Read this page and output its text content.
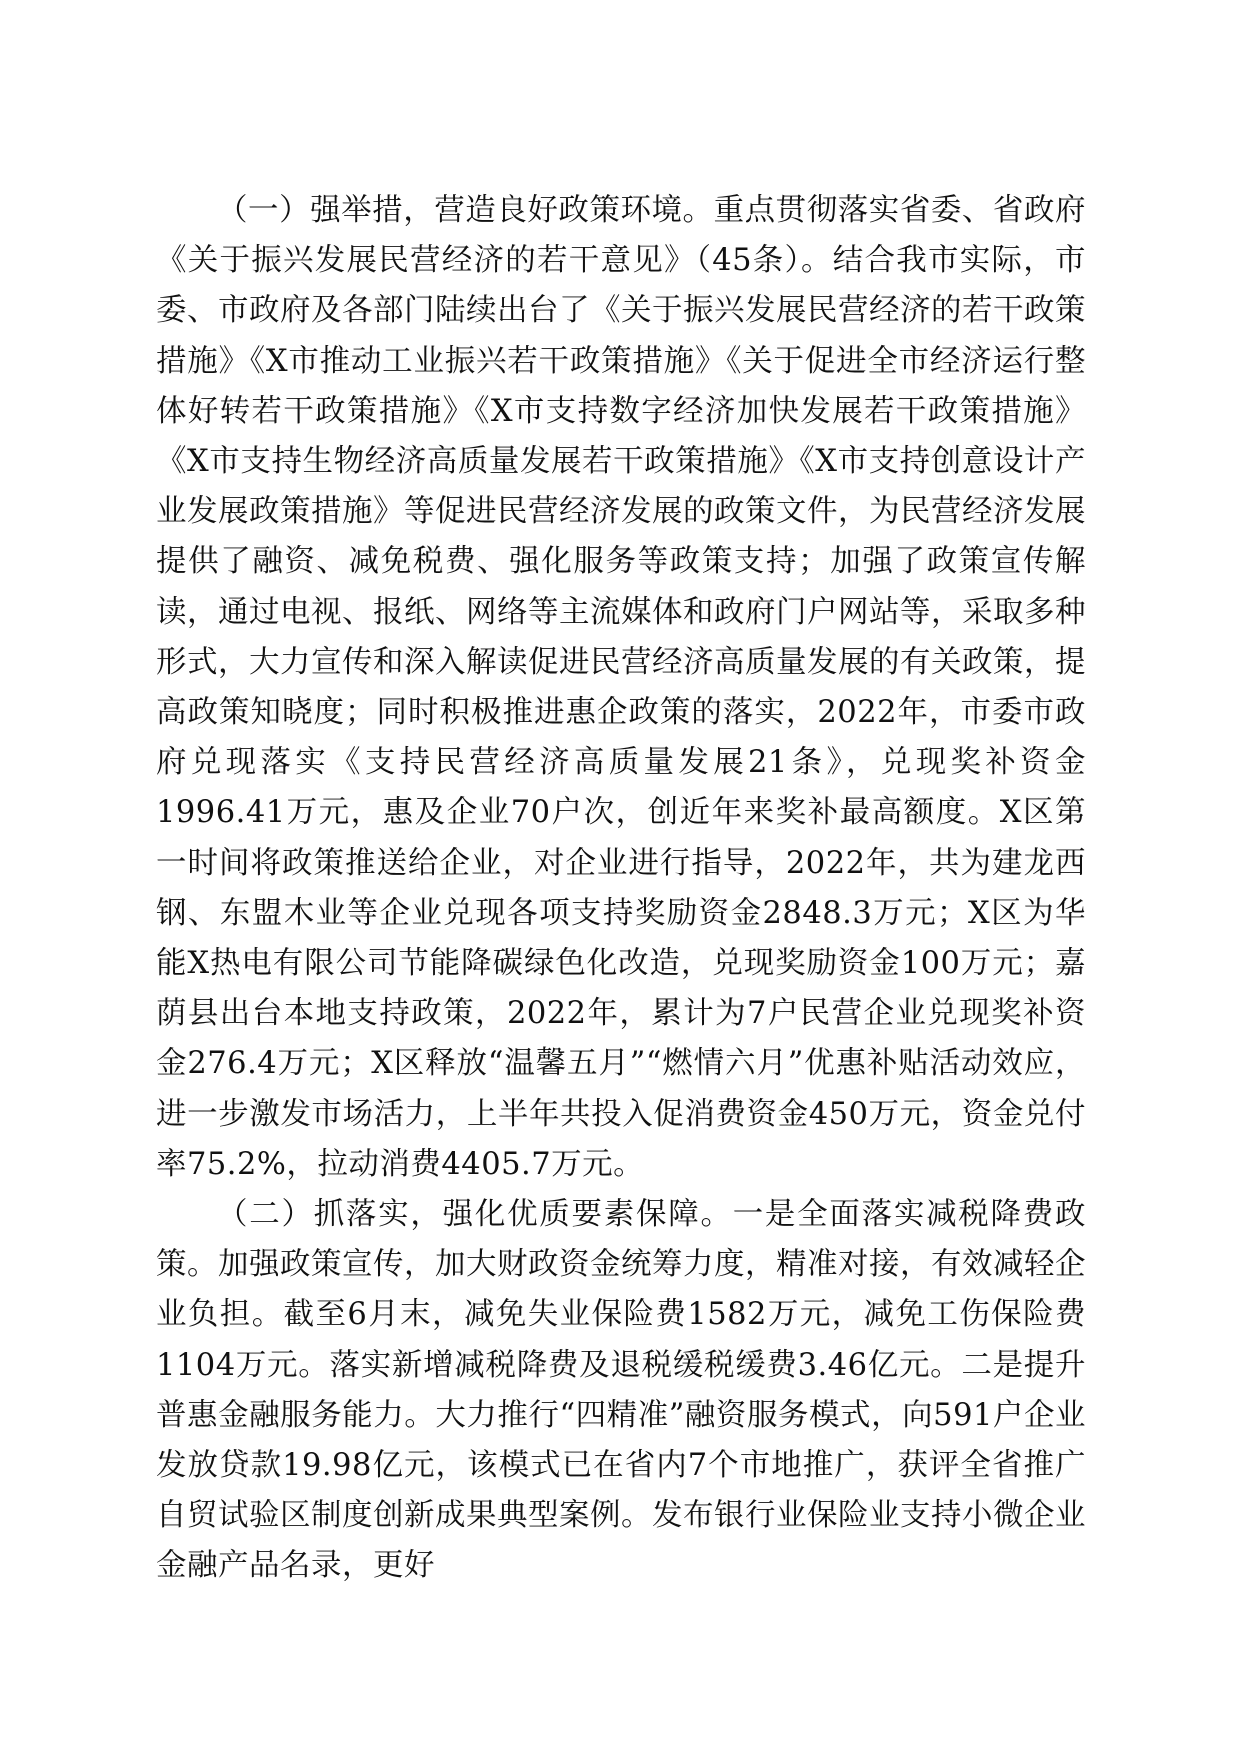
（一）强举措，营造良好政策环境。重点贯彻落实省委、省政府《关于振兴发展民营经济的若干意见》（45条）。结合我市实际，市委、市政府及各部门陆续出台了《关于振兴发展民营经济的若干政策措施》《X市推动工业振兴若干政策措施》《关于促进全市经济运行整体好转若干政策措施》《X市支持数字经济加快发展若干政策措施》《X市支持生物经济高质量发展若干政策措施》《X市支持创意设计产业发展政策措施》等促进民营经济发展的政策文件，为民营经济发展提供了融资、减免税费、强化服务等政策支持；加强了政策宣传解读，通过电视、报纸、网络等主流媒体和政府门户网站等，采取多种形式，大力宣传和深入解读促进民营经济高质量发展的有关政策，提高政策知晓度；同时积极推进惠企政策的落实，2022年，市委市政府兑现落实《支持民营经济高质量发展21条》，兑现奖补资金1996.41万元，惠及企业70户次，创近年来奖补最高额度。X区第一时间将政策推送给企业，对企业进行指导，2022年，共为建龙西钢、东盟木业等企业兑现各项支持奖励资金2848.3万元；X区为华能X热电有限公司节能降碳绿色化改造，兑现奖励资金100万元；嘉荫县出台本地支持政策，2022年，累计为7户民营企业兑现奖补资金276.4万元；X区释放“温馨五月”“燃情六月”优惠补贴活动效应，进一步激发市场活力，上半年共投入促消费资金450万元，资金兑付率75.2%，拉动消费4405.7万元。

（二）抓落实，强化优质要素保障。一是全面落实减税降费政策。加强政策宣传，加大财政资金统筹力度，精准对接，有效减轻企业负担。截至6月末，减免失业保险费1582万元，减免工伤保险费1104万元。落实新增减税降费及退税缓税缓费3.46亿元。二是提升普惠金融服务能力。大力推行“四精准”融资服务模式，向591户企业发放贷款19.98亿元，该模式已在省内7个市地推广，获评全省推广自贸试验区制度创新成果典型案例。发布银行业保险业支持小微企业金融产品名录，更好
